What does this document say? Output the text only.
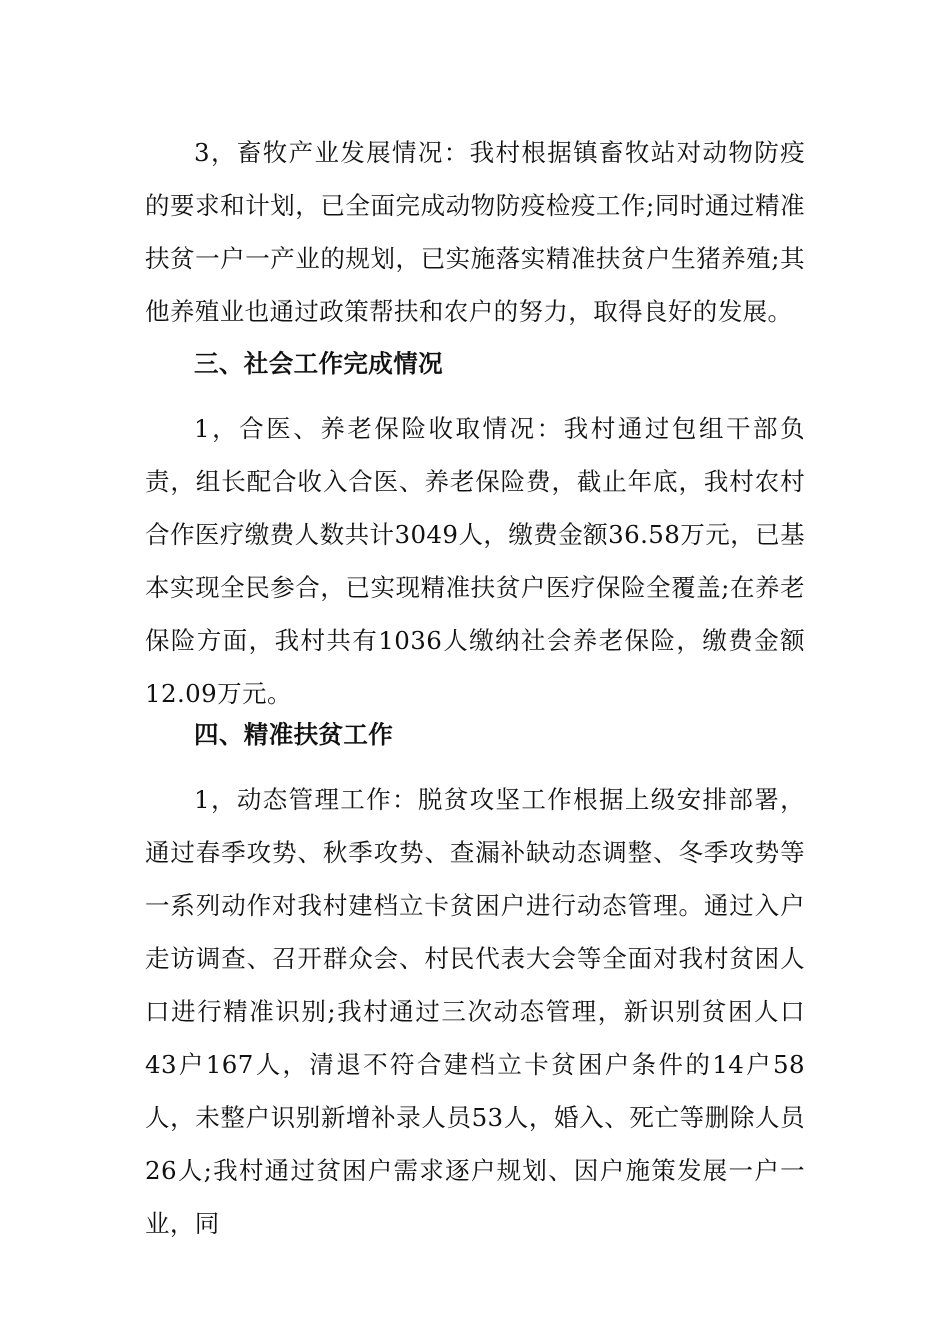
3，畜牧产业发展情况：我村根据镇畜牧站对动物防疫的要求和计划，已全面完成动物防疫检疫工作;同时通过精准扶贫一户一产业的规划，已实施落实精准扶贫户生猪养殖;其他养殖业也通过政策帮扶和农户的努力，取得良好的发展。

三、社会工作完成情况

1，合医、养老保险收取情况：我村通过包组干部负责，组长配合收入合医、养老保险费，截止年底，我村农村合作医疗缴费人数共计3049人，缴费金额36.58万元，已基本实现全民参合，已实现精准扶贫户医疗保险全覆盖;在养老保险方面，我村共有1036人缴纳社会养老保险，缴费金额12.09万元。

四、精准扶贫工作

1，动态管理工作：脱贫攻坚工作根据上级安排部署，通过春季攻势、秋季攻势、查漏补缺动态调整、冬季攻势等一系列动作对我村建档立卡贫困户进行动态管理。通过入户走访调查、召开群众会、村民代表大会等全面对我村贫困人口进行精准识别;我村通过三次动态管理，新识别贫困人口43户167人，清退不符合建档立卡贫困户条件的14户58人，未整户识别新增补录人员53人，婚入、死亡等删除人员26人;我村通过贫困户需求逐户规划、因户施策发展一户一业，同
